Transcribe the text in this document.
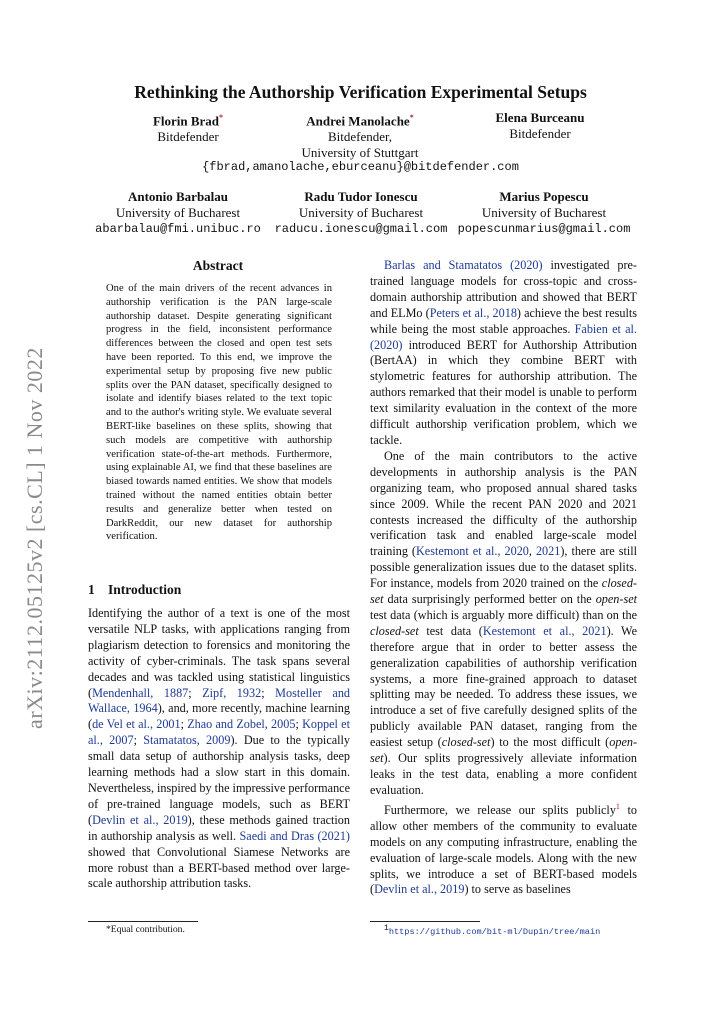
Rethinking the Authorship Verification Experimental Setups
Florin Brad*
Bitdefender
Andrei Manolache*
Bitdefender,
University of Stuttgart
Elena Burceanu
Bitdefender
{fbrad,amanolache,eburceanu}@bitdefender.com
Antonio Barbalau
University of Bucharest
abarbalau@fmi.unibuc.ro
Radu Tudor Ionescu
University of Bucharest
raducu.ionescu@gmail.com
Marius Popescu
University of Bucharest
popescunmarius@gmail.com
arXiv:2112.05125v2 [cs.CL] 1 Nov 2022
Abstract
One of the main drivers of the recent advances in authorship verification is the PAN large-scale authorship dataset. Despite generating significant progress in the field, inconsistent performance differences between the closed and open test sets have been reported. To this end, we improve the experimental setup by proposing five new public splits over the PAN dataset, specifically designed to isolate and identify biases related to the text topic and to the author's writing style. We evaluate several BERT-like baselines on these splits, showing that such models are competitive with authorship verification state-of-the-art methods. Furthermore, using explainable AI, we find that these baselines are biased towards named entities. We show that models trained without the named entities obtain better results and generalize better when tested on DarkReddit, our new dataset for authorship verification.
1 Introduction

Identifying the author of a text is one of the most versatile NLP tasks, with applications ranging from plagiarism detection to forensics and monitoring the activity of cyber-criminals. The task spans several decades and was tackled using statistical linguistics (Mendenhall, 1887; Zipf, 1932; Mosteller and Wallace, 1964), and, more recently, machine learning (de Vel et al., 2001; Zhao and Zobel, 2005; Koppel et al., 2007; Stamatatos, 2009). Due to the typically small data setup of authorship analysis tasks, deep learning methods had a slow start in this domain. Nevertheless, inspired by the impressive performance of pre-trained language models, such as BERT (Devlin et al., 2019), these methods gained traction in authorship analysis as well. Saedi and Dras (2021) showed that Convolutional Siamese Networks are more robust than a BERT-based method over large-scale authorship attribution tasks.

*Equal contribution.

Barlas and Stamatatos (2020) investigated pre-trained language models for cross-topic and cross-domain authorship attribution and showed that BERT and ELMo (Peters et al., 2018) achieve the best results while being the most stable approaches. Fabien et al. (2020) introduced BERT for Authorship Attribution (BertAA) in which they combine BERT with stylometric features for authorship attribution. The authors remarked that their model is unable to perform text similarity evaluation in the context of the more difficult authorship verification problem, which we tackle.

One of the main contributors to the active developments in authorship analysis is the PAN organizing team, who proposed annual shared tasks since 2009. While the recent PAN 2020 and 2021 contests increased the difficulty of the authorship verification task and enabled large-scale model training (Kestemont et al., 2020, 2021), there are still possible generalization issues due to the dataset splits. For instance, models from 2020 trained on the closed-set data surprisingly performed better on the open-set test data (which is arguably more difficult) than on the closed-set test data (Kestemont et al., 2021). We therefore argue that in order to better assess the generalization capabilities of authorship verification systems, a more fine-grained approach to dataset splitting may be needed. To address these issues, we introduce a set of five carefully designed splits of the publicly available PAN dataset, ranging from the easiest setup (closed-set) to the most difficult (open-set). Our splits progressively alleviate information leaks in the test data, enabling a more confident evaluation.

Furthermore, we release our splits publicly$^1$ to allow other members of the community to evaluate models on any computing infrastructure, enabling the evaluation of large-scale models. Along with the new splits, we introduce a set of BERT-based models (Devlin et al., 2019) to serve as baselines

$^1$https://github.com/bit-ml/Dupin/tree/main
